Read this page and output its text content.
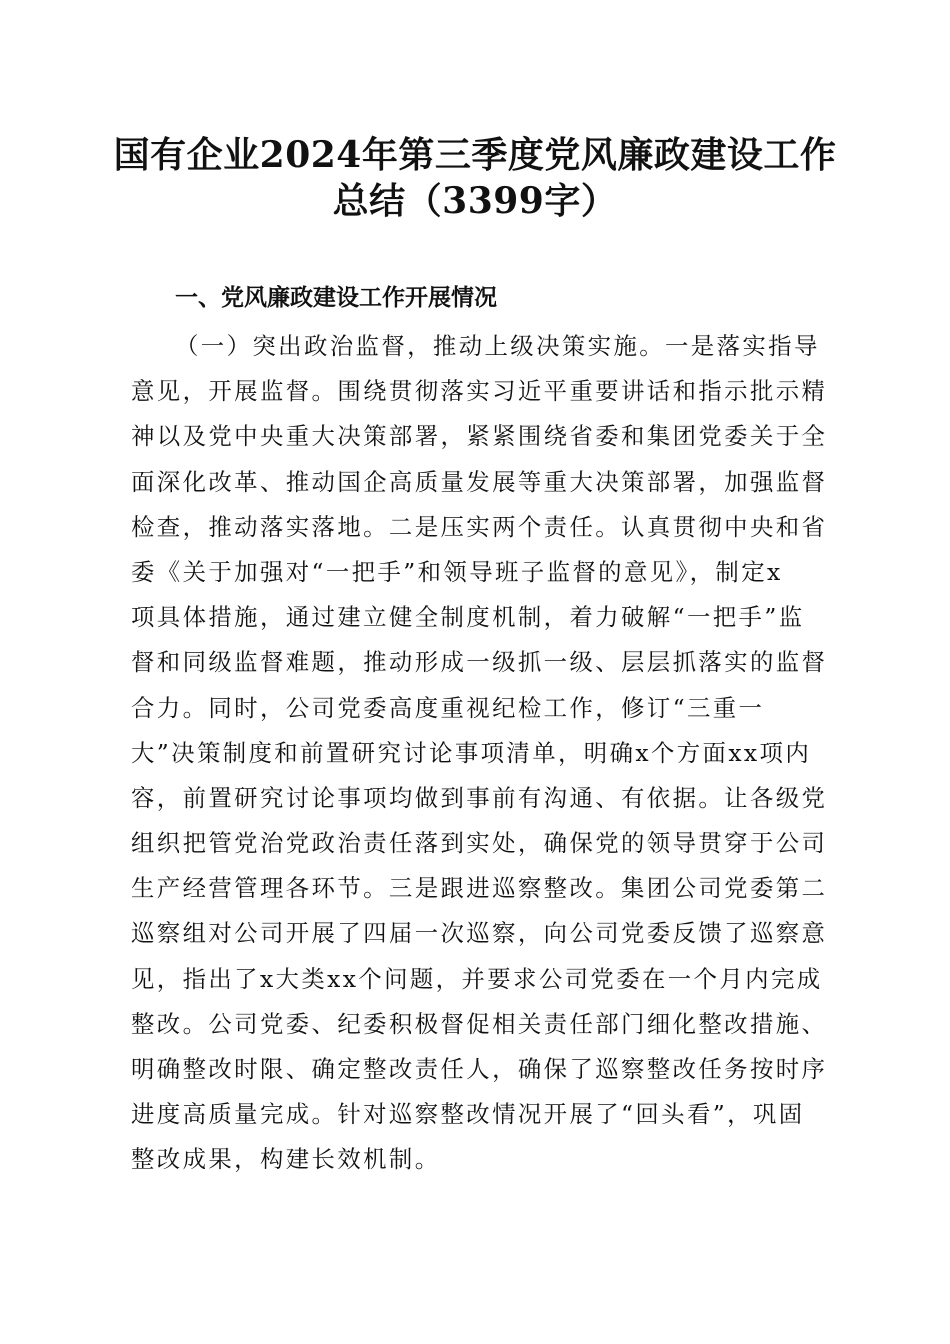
国有企业2024年第三季度党风廉政建设工作
总结（3399字）
一、党风廉政建设工作开展情况
（一）突出政治监督，推动上级决策实施。一是落实指导
意见，开展监督。围绕贯彻落实习近平重要讲话和指示批示精
神以及党中央重大决策部署，紧紧围绕省委和集团党委关于全
面深化改革、推动国企高质量发展等重大决策部署，加强监督
检查，推动落实落地。二是压实两个责任。认真贯彻中央和省
委《关于加强对“一把手”和领导班子监督的意见》，制定x
项具体措施，通过建立健全制度机制，着力破解“一把手”监
督和同级监督难题，推动形成一级抓一级、层层抓落实的监督
合力。同时，公司党委高度重视纪检工作，修订“三重一
大”决策制度和前置研究讨论事项清单，明确x个方面xx项内
容，前置研究讨论事项均做到事前有沟通、有依据。让各级党
组织把管党治党政治责任落到实处，确保党的领导贯穿于公司
生产经营管理各环节。三是跟进巡察整改。集团公司党委第二
巡察组对公司开展了四届一次巡察，向公司党委反馈了巡察意
见，指出了x大类xx个问题，并要求公司党委在一个月内完成
整改。公司党委、纪委积极督促相关责任部门细化整改措施、
明确整改时限、确定整改责任人，确保了巡察整改任务按时序
进度高质量完成。针对巡察整改情况开展了“回头看”，巩固
整改成果，构建长效机制。
